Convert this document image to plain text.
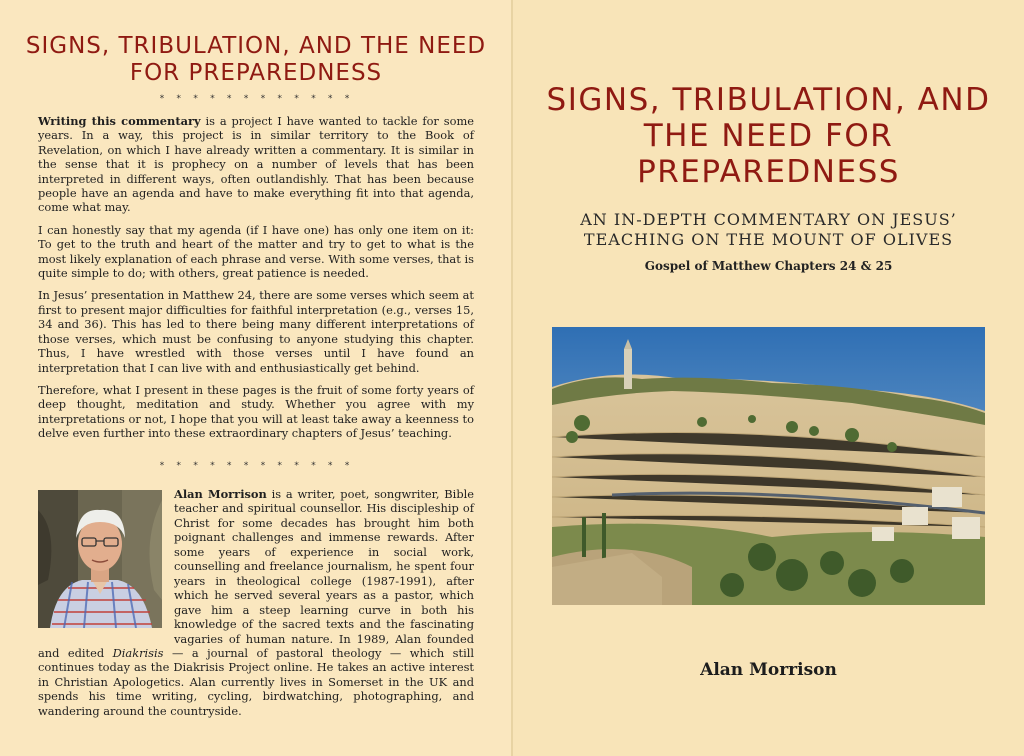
SIGNS, TRIBULATION, AND THE NEED FOR PREPAREDNESS
* * * * * * * * * * * *

Writing this commentary is a project I have wanted to tackle for some years. In a way, this project is in similar territory to the Book of Revelation, on which I have already written a commentary. It is similar in the sense that it is prophecy on a number of levels that has been interpreted in different ways, often outlandishly. That has been because people have an agenda and have to make everything fit into that agenda, come what may.

I can honestly say that my agenda (if I have one) has only one item on it: To get to the truth and heart of the matter and try to get to what is the most likely explanation of each phrase and verse. With some verses, that is quite simple to do; with others, great patience is needed.

In Jesus’ presentation in Matthew 24, there are some verses which seem at first to present major difficulties for faithful interpretation (e.g., verses 15, 34 and 36). This has led to there being many different interpretations of those verses, which must be confusing to anyone studying this chapter. Thus, I have wrestled with those verses until I have found an interpretation that I can live with and enthusiastically get behind.

Therefore, what I present in these pages is the fruit of some forty years of deep thought, meditation and study. Whether you agree with my interpretations or not, I hope that you will at least take away a keenness to delve even further into these extraordinary chapters of Jesus’ teaching.

* * * * * * * * * * * *
Alan Morrison is a writer, poet, songwriter, Bible teacher and spiritual counsellor. His discipleship of Christ for some decades has brought him both poignant challenges and immense rewards. After some years of experience in social work, counselling and freelance journalism, he spent four years in theological college (1987-1991), after which he served several years as a pastor, which gave him a steep learning curve in both his knowledge of the sacred texts and the fascinating vagaries of human nature. In 1989, Alan founded and edited Diakrisis — a journal of pastoral theology — which still continues today as the Diakrisis Project online. He takes an active interest in Christian Apologetics. Alan currently lives in Somerset in the UK and spends his time writing, cycling, birdwatching, photographing, and wandering around the countryside.
SIGNS, TRIBULATION, AND THE NEED FOR PREPAREDNESS
AN IN-DEPTH COMMENTARY ON JESUS’ TEACHING ON THE MOUNT OF OLIVES
Gospel of Matthew Chapters 24 & 25
Alan Morrison
